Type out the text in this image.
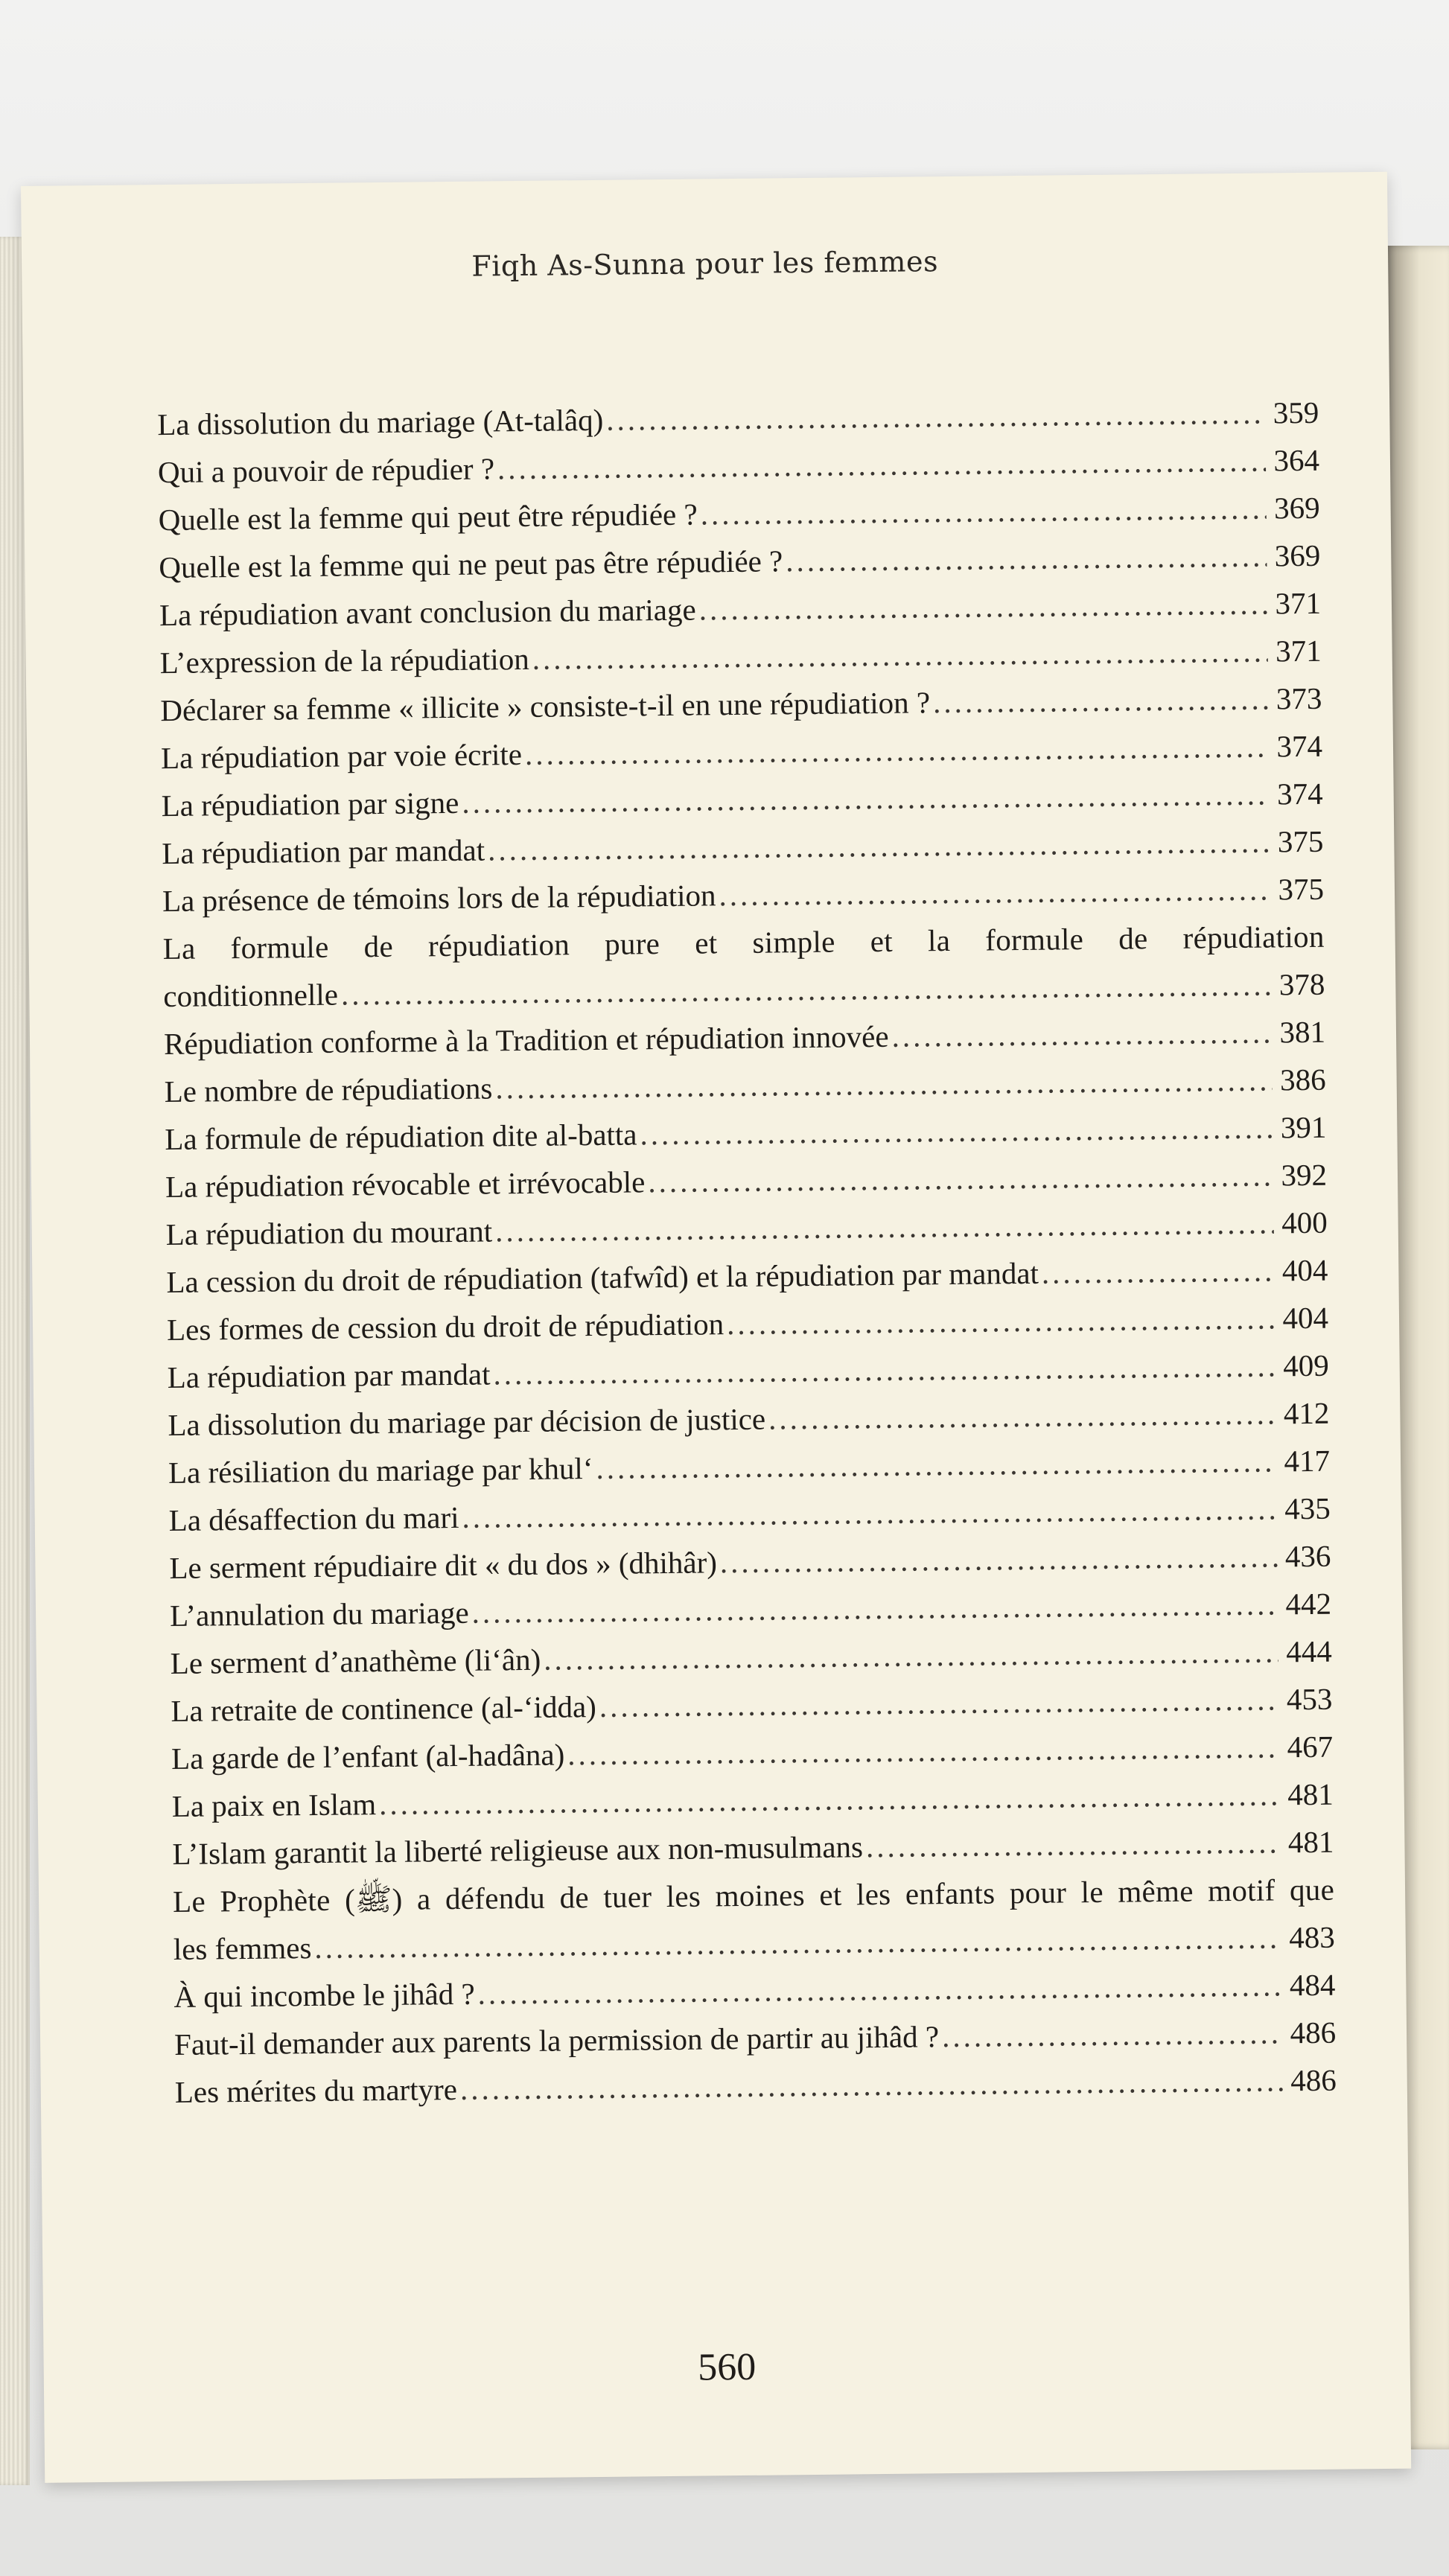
Fiqh As-Sunna pour les femmes
La dissolution du mariage (At-talâq) .....	359
Qui a pouvoir de répudier ? .....	364
Quelle est la femme qui peut être répudiée ? .....	369
Quelle est la femme qui ne peut pas être répudiée ? .....	369
La répudiation avant conclusion du mariage .....	371
L’expression de la répudiation .....	371
Déclarer sa femme « illicite » consiste-t-il en une répudiation ? .....	373
La répudiation par voie écrite .....	374
La répudiation par signe .....	374
La répudiation par mandat .....	375
La présence de témoins lors de la répudiation .....	375
La formule de répudiation pure et simple et la formule de répudiation
conditionnelle .....	378
Répudiation conforme à la Tradition et répudiation innovée .....	381
Le nombre de répudiations .....	386
La formule de répudiation dite al-batta .....	391
La répudiation révocable et irrévocable .....	392
La répudiation du mourant .....	400
La cession du droit de répudiation (tafwîd) et la répudiation par mandat .....	404
Les formes de cession du droit de répudiation .....	404
La répudiation par mandat .....	409
La dissolution du mariage par décision de justice .....	412
La résiliation du mariage par khul‘ .....	417
La désaffection du mari .....	435
Le serment répudiaire dit « du dos » (dhihâr) .....	436
L’annulation du mariage .....	442
Le serment d’anathème (li‘ân) .....	444
La retraite de continence (al-‘idda) .....	453
La garde de l’enfant (al-hadâna) .....	467
La paix en Islam .....	481
L’Islam garantit la liberté religieuse aux non-musulmans .....	481
Le Prophète (ﷺ) a défendu de tuer les moines et les enfants pour le même motif que
les femmes .....	483
À qui incombe le jihâd ? .....	484
Faut-il demander aux parents la permission de partir au jihâd ? .....	486
Les mérites du martyre .....	486
560
